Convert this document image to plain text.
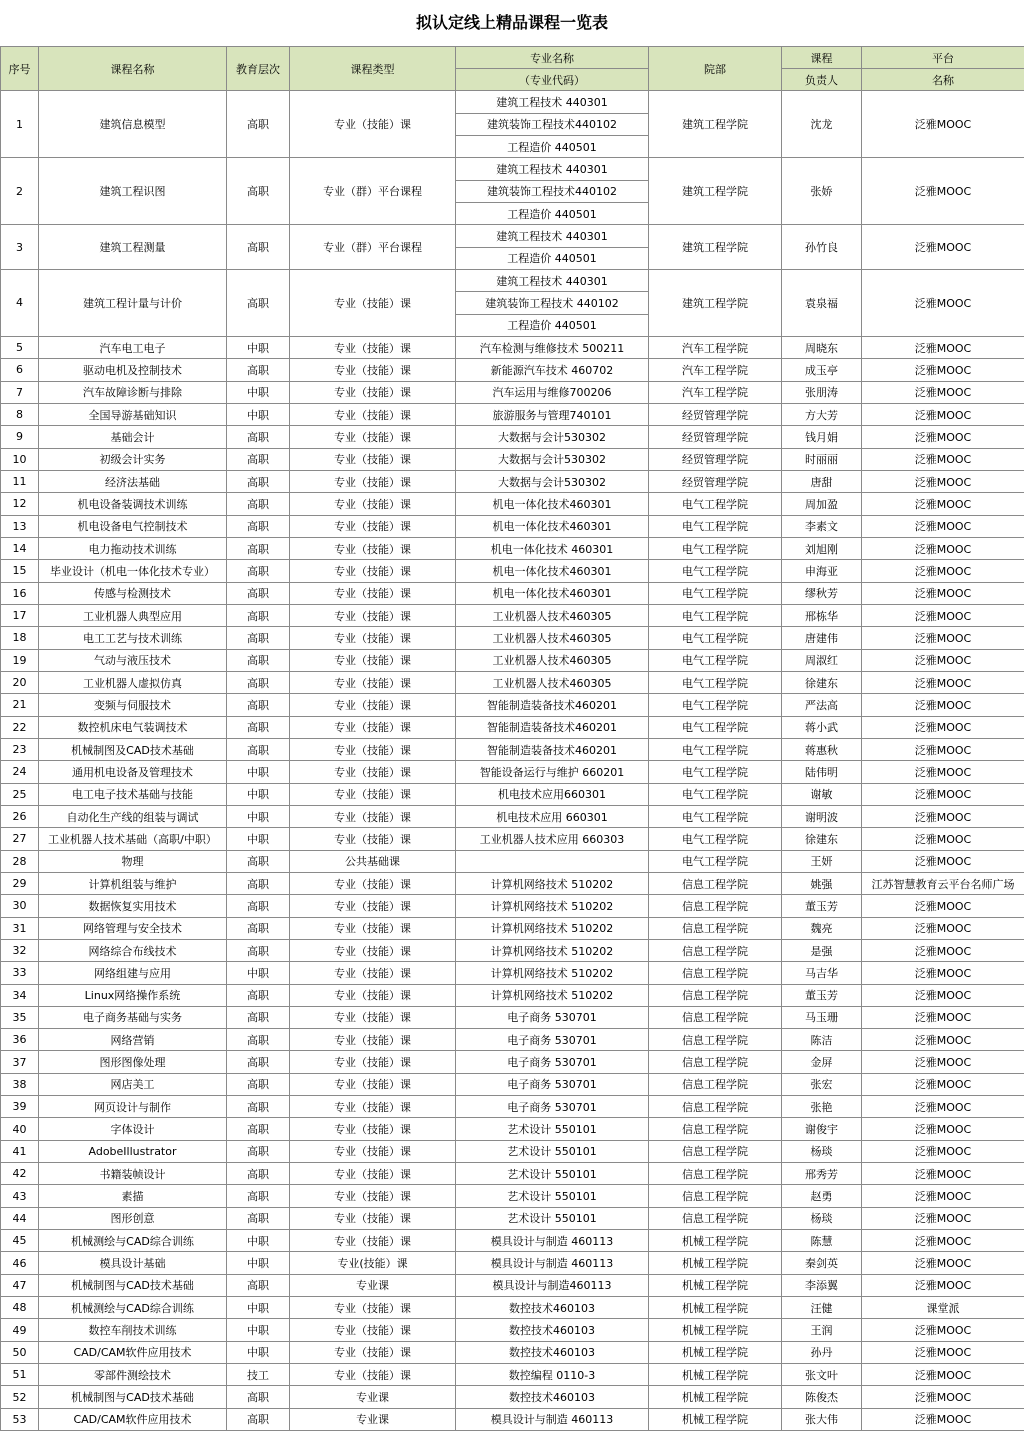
拟认定线上精品课程一览表
序号	课程名称	教育层次	课程类型	专业名称	院部	课程	平台
				（专业代码）		负责人	名称
1	建筑信息模型	高职	专业（技能）课	建筑工程技术 440301	建筑工程学院	沈龙	泛雅MOOC
				建筑装饰工程技术440102			
				工程造价 440501			
2	建筑工程识图	高职	专业（群）平台课程	建筑工程技术 440301	建筑工程学院	张娇	泛雅MOOC
				建筑装饰工程技术440102			
				工程造价 440501			
3	建筑工程测量	高职	专业（群）平台课程	建筑工程技术 440301	建筑工程学院	孙竹良	泛雅MOOC
				工程造价 440501			
4	建筑工程计量与计价	高职	专业（技能）课	建筑工程技术 440301	建筑工程学院	袁泉福	泛雅MOOC
				建筑装饰工程技术 440102			
				工程造价 440501			
5	汽车电工电子	中职	专业（技能）课	汽车检测与维修技术 500211	汽车工程学院	周晓东	泛雅MOOC
6	驱动电机及控制技术	高职	专业（技能）课	新能源汽车技术 460702	汽车工程学院	成玉亭	泛雅MOOC
7	汽车故障诊断与排除	中职	专业（技能）课	汽车运用与维修700206	汽车工程学院	张朋涛	泛雅MOOC
8	全国导游基础知识	中职	专业（技能）课	旅游服务与管理740101	经贸管理学院	方大芳	泛雅MOOC
9	基础会计	高职	专业（技能）课	大数据与会计530302	经贸管理学院	钱月娟	泛雅MOOC
10	初级会计实务	高职	专业（技能）课	大数据与会计530302	经贸管理学院	时丽丽	泛雅MOOC
11	经济法基础	高职	专业（技能）课	大数据与会计530302	经贸管理学院	唐甜	泛雅MOOC
12	机电设备装调技术训练	高职	专业（技能）课	机电一体化技术460301	电气工程学院	周加盈	泛雅MOOC
13	机电设备电气控制技术	高职	专业（技能）课	机电一体化技术460301	电气工程学院	李素文	泛雅MOOC
14	电力拖动技术训练	高职	专业（技能）课	机电一体化技术 460301	电气工程学院	刘旭刚	泛雅MOOC
15	毕业设计（机电一体化技术专业）	高职	专业（技能）课	机电一体化技术460301	电气工程学院	申海亚	泛雅MOOC
16	传感与检测技术	高职	专业（技能）课	机电一体化技术460301	电气工程学院	缪秋芳	泛雅MOOC
17	工业机器人典型应用	高职	专业（技能）课	工业机器人技术460305	电气工程学院	邢栋华	泛雅MOOC
18	电工工艺与技术训练	高职	专业（技能）课	工业机器人技术460305	电气工程学院	唐建伟	泛雅MOOC
19	气动与液压技术	高职	专业（技能）课	工业机器人技术460305	电气工程学院	周淑红	泛雅MOOC
20	工业机器人虚拟仿真	高职	专业（技能）课	工业机器人技术460305	电气工程学院	徐建东	泛雅MOOC
21	变频与伺服技术	高职	专业（技能）课	智能制造装备技术460201	电气工程学院	严法高	泛雅MOOC
22	数控机床电气装调技术	高职	专业（技能）课	智能制造装备技术460201	电气工程学院	蒋小武	泛雅MOOC
23	机械制图及CAD技术基础	高职	专业（技能）课	智能制造装备技术460201	电气工程学院	蒋惠秋	泛雅MOOC
24	通用机电设备及管理技术	中职	专业（技能）课	智能设备运行与维护 660201	电气工程学院	陆伟明	泛雅MOOC
25	电工电子技术基础与技能	中职	专业（技能）课	机电技术应用660301	电气工程学院	谢敏	泛雅MOOC
26	自动化生产线的组装与调试	中职	专业（技能）课	机电技术应用 660301	电气工程学院	谢明波	泛雅MOOC
27	工业机器人技术基础（高职/中职）	中职	专业（技能）课	工业机器人技术应用 660303	电气工程学院	徐建东	泛雅MOOC
28	物理	高职	公共基础课		电气工程学院	王妍	泛雅MOOC
29	计算机组装与维护	高职	专业（技能）课	计算机网络技术 510202	信息工程学院	姚强	江苏智慧教育云平台名师广场
30	数据恢复实用技术	高职	专业（技能）课	计算机网络技术 510202	信息工程学院	董玉芳	泛雅MOOC
31	网络管理与安全技术	高职	专业（技能）课	计算机网络技术 510202	信息工程学院	魏亮	泛雅MOOC
32	网络综合布线技术	高职	专业（技能）课	计算机网络技术 510202	信息工程学院	是强	泛雅MOOC
33	网络组建与应用	中职	专业（技能）课	计算机网络技术 510202	信息工程学院	马吉华	泛雅MOOC
34	Linux网络操作系统	高职	专业（技能）课	计算机网络技术 510202	信息工程学院	董玉芳	泛雅MOOC
35	电子商务基础与实务	高职	专业（技能）课	电子商务 530701	信息工程学院	马玉珊	泛雅MOOC
36	网络营销	高职	专业（技能）课	电子商务 530701	信息工程学院	陈洁	泛雅MOOC
37	图形图像处理	高职	专业（技能）课	电子商务 530701	信息工程学院	金屏	泛雅MOOC
38	网店美工	高职	专业（技能）课	电子商务 530701	信息工程学院	张宏	泛雅MOOC
39	网页设计与制作	高职	专业（技能）课	电子商务 530701	信息工程学院	张艳	泛雅MOOC
40	字体设计	高职	专业（技能）课	艺术设计 550101	信息工程学院	谢俊宇	泛雅MOOC
41	AdobeIllustrator	高职	专业（技能）课	艺术设计 550101	信息工程学院	杨琰	泛雅MOOC
42	书籍装帧设计	高职	专业（技能）课	艺术设计 550101	信息工程学院	邢秀芳	泛雅MOOC
43	素描	高职	专业（技能）课	艺术设计 550101	信息工程学院	赵勇	泛雅MOOC
44	图形创意	高职	专业（技能）课	艺术设计 550101	信息工程学院	杨琰	泛雅MOOC
45	机械测绘与CAD综合训练	中职	专业（技能）课	模具设计与制造 460113	机械工程学院	陈慧	泛雅MOOC
46	模具设计基础	中职	专业(技能）课	模具设计与制造 460113	机械工程学院	秦剑英	泛雅MOOC
47	机械制图与CAD技术基础	高职	专业课	模具设计与制造460113	机械工程学院	李添翼	泛雅MOOC
48	机械测绘与CAD综合训练	中职	专业（技能）课	数控技术460103	机械工程学院	汪健	课堂派
49	数控车削技术训练	中职	专业（技能）课	数控技术460103	机械工程学院	王润	泛雅MOOC
50	CAD/CAM软件应用技术	中职	专业（技能）课	数控技术460103	机械工程学院	孙丹	泛雅MOOC
51	零部件测绘技术	技工	专业（技能）课	数控编程 0110-3	机械工程学院	张文叶	泛雅MOOC
52	机械制图与CAD技术基础	高职	专业课	数控技术460103	机械工程学院	陈俊杰	泛雅MOOC
53	CAD/CAM软件应用技术	高职	专业课	模具设计与制造 460113	机械工程学院	张大伟	泛雅MOOC
